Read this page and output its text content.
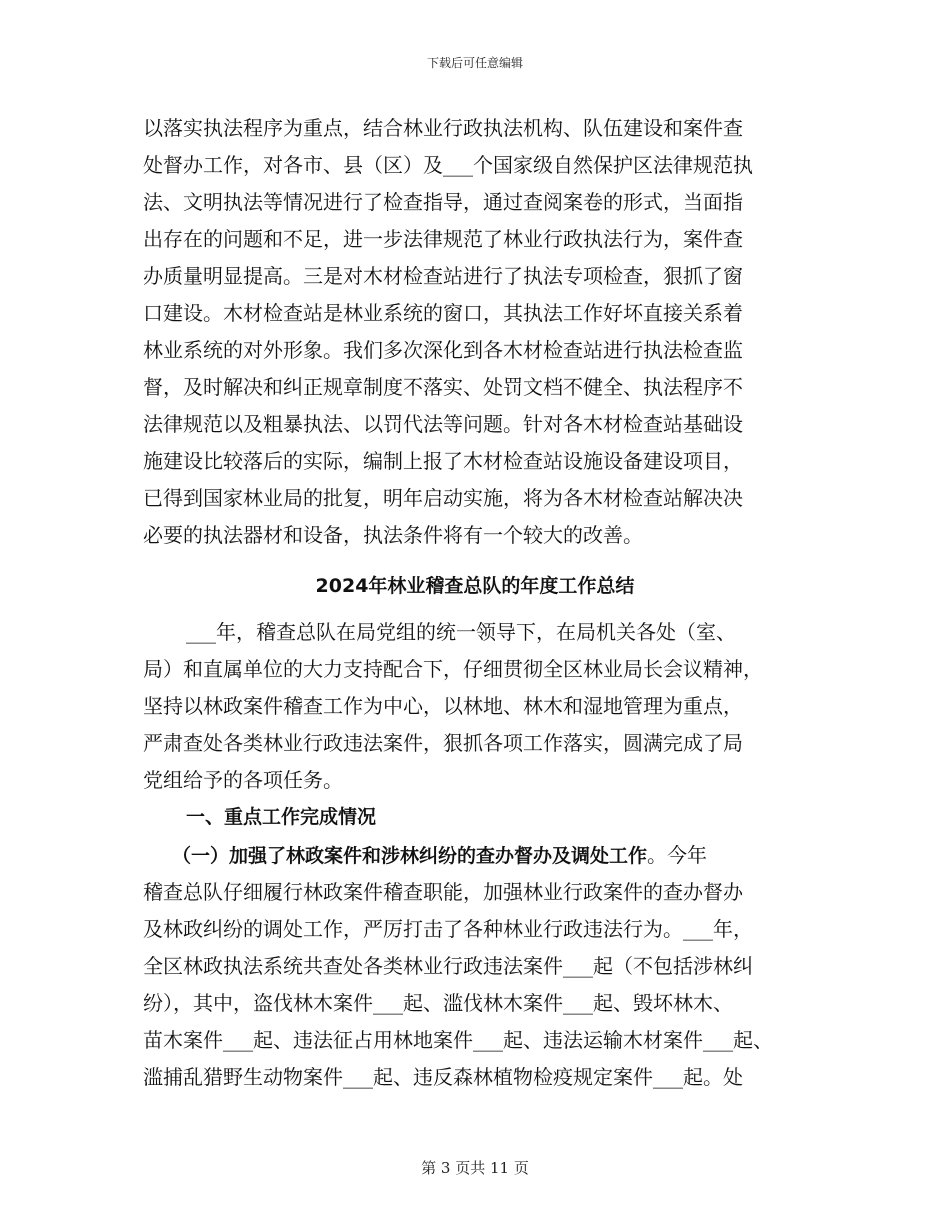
下载后可任意编辑
以落实执法程序为重点，结合林业行政执法机构、队伍建设和案件查
处督办工作，对各市、县（区）及___个国家级自然保护区法律规范执
法、文明执法等情况进行了检查指导，通过查阅案卷的形式，当面指
出存在的问题和不足，进一步法律规范了林业行政执法行为，案件查
办质量明显提高。三是对木材检查站进行了执法专项检查，狠抓了窗
口建设。木材检查站是林业系统的窗口，其执法工作好坏直接关系着
林业系统的对外形象。我们多次深化到各木材检查站进行执法检查监
督，及时解决和纠正规章制度不落实、处罚文档不健全、执法程序不
法律规范以及粗暴执法、以罚代法等问题。针对各木材检查站基础设
施建设比较落后的实际，编制上报了木材检查站设施设备建设项目，
已得到国家林业局的批复，明年启动实施，将为各木材检查站解决决
必要的执法器材和设备，执法条件将有一个较大的改善。
2024年林业稽查总队的年度工作总结
___年，稽查总队在局党组的统一领导下，在局机关各处（室、
局）和直属单位的大力支持配合下，仔细贯彻全区林业局长会议精神，
坚持以林政案件稽查工作为中心，以林地、林木和湿地管理为重点，
严肃查处各类林业行政违法案件，狠抓各项工作落实，圆满完成了局
党组给予的各项任务。
一、重点工作完成情况
（一）加强了林政案件和涉林纠纷的查办督办及调处工作。今年
稽查总队仔细履行林政案件稽查职能，加强林业行政案件的查办督办
及林政纠纷的调处工作，严厉打击了各种林业行政违法行为。___年，
全区林政执法系统共查处各类林业行政违法案件___起（不包括涉林纠
纷），其中，盗伐林木案件___起、滥伐林木案件___起、毁坏林木、
苗木案件___起、违法征占用林地案件___起、违法运输木材案件___起、
滥捕乱猎野生动物案件___起、违反森林植物检疫规定案件___起。处
第 3 页共 11 页
